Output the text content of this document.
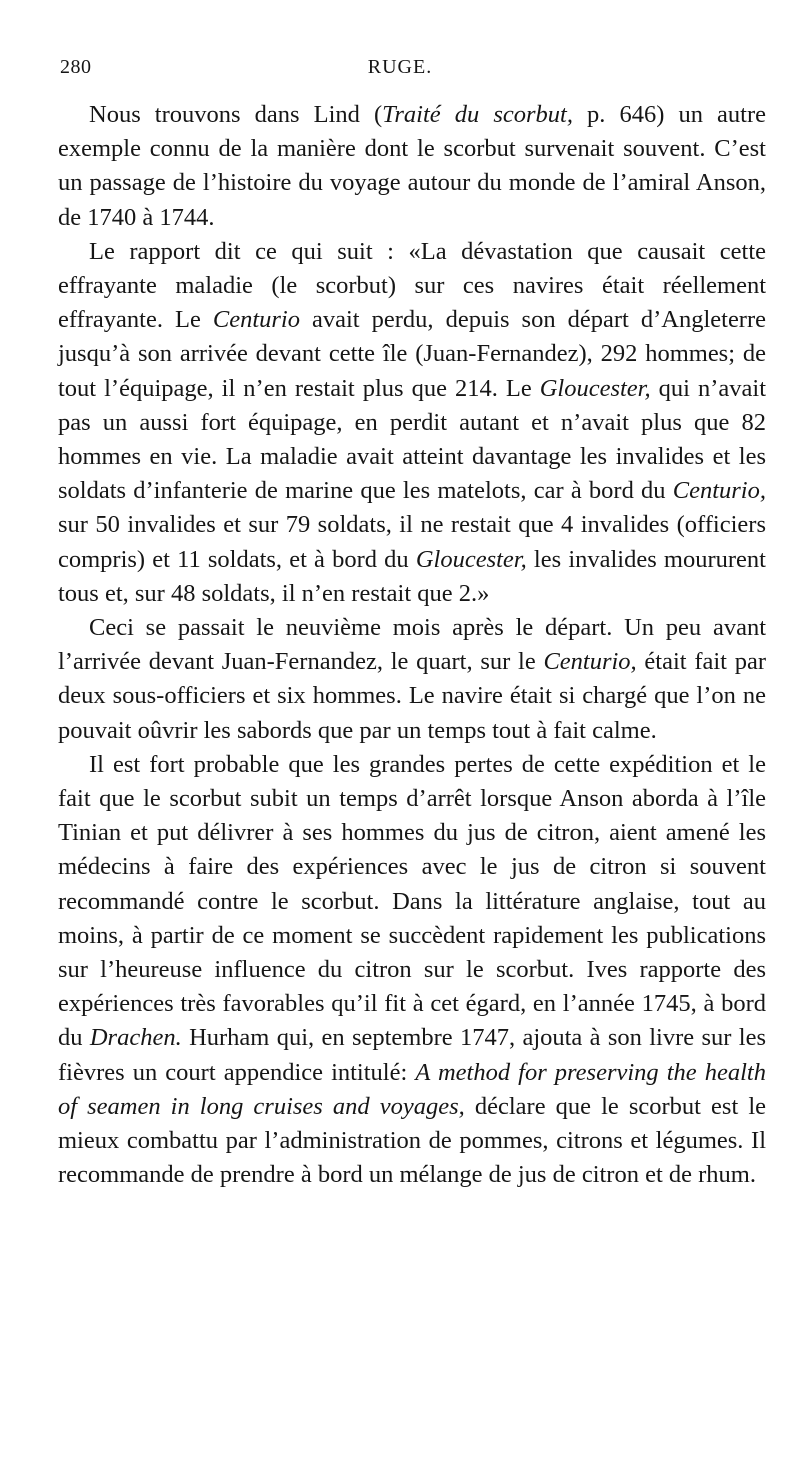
280	RUGE.

Nous trouvons dans Lind (Traité du scorbut, p. 646) un autre exemple connu de la manière dont le scorbut survenait souvent. C’est un passage de l’histoire du voyage autour du monde de l’amiral Anson, de 1740 à 1744.

Le rapport dit ce qui suit : «La dévastation que causait cette effrayante maladie (le scorbut) sur ces navires était réellement effrayante. Le Centurio avait perdu, depuis son départ d’Angleterre jusqu’à son arrivée devant cette île (Juan-Fernandez), 292 hommes; de tout l’équipage, il n’en restait plus que 214. Le Gloucester, qui n’avait pas un aussi fort équipage, en perdit autant et n’avait plus que 82 hommes en vie. La maladie avait atteint davantage les invalides et les soldats d’infanterie de marine que les matelots, car à bord du Centurio, sur 50 invalides et sur 79 soldats, il ne restait que 4 invalides (officiers compris) et 11 soldats, et à bord du Gloucester, les invalides moururent tous et, sur 48 soldats, il n’en restait que 2.»

Ceci se passait le neuvième mois après le départ. Un peu avant l’arrivée devant Juan-Fernandez, le quart, sur le Centurio, était fait par deux sous-officiers et six hommes. Le navire était si chargé que l’on ne pouvait oûvrir les sabords que par un temps tout à fait calme.

Il est fort probable que les grandes pertes de cette expédition et le fait que le scorbut subit un temps d’arrêt lorsque Anson aborda à l’île Tinian et put délivrer à ses hommes du jus de citron, aient amené les médecins à faire des expériences avec le jus de citron si souvent recommandé contre le scorbut. Dans la littérature anglaise, tout au moins, à partir de ce moment se succèdent rapidement les publications sur l’heureuse influence du citron sur le scorbut. Ives rapporte des expériences très favorables qu’il fit à cet égard, en l’année 1745, à bord du Drachen. Hurham qui, en septembre 1747, ajouta à son livre sur les fièvres un court appendice intitulé: A method for preserving the health of seamen in long cruises and voyages, déclare que le scorbut est le mieux combattu par l’administration de pommes, citrons et légumes. Il recommande de prendre à bord un mélange de jus de citron et de rhum.
